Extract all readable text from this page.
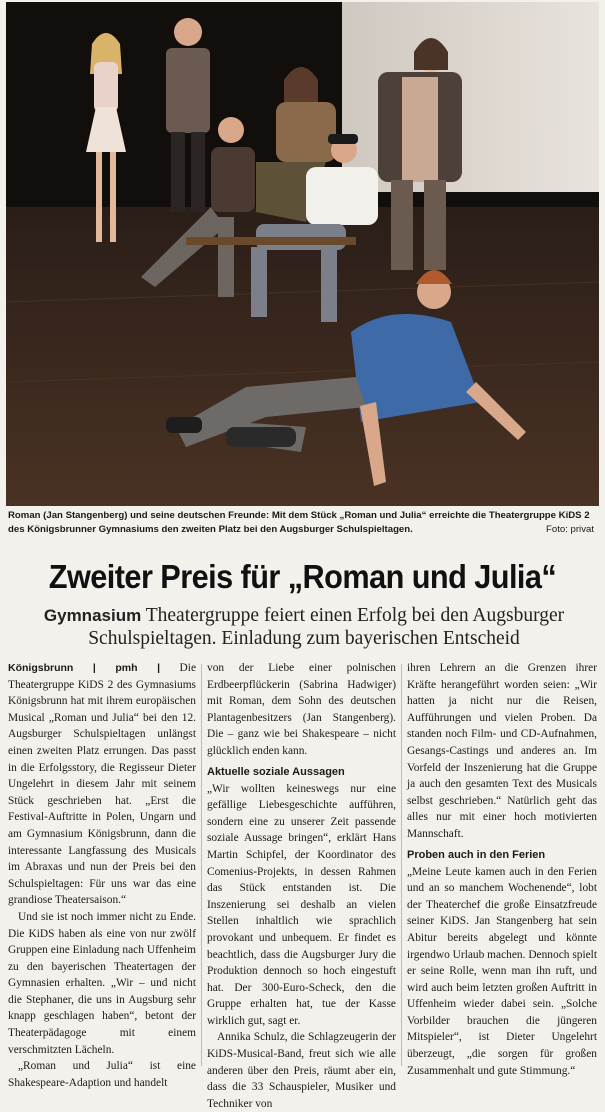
Roman (Jan Stangenberg) und seine deutschen Freunde: Mit dem Stück „Roman und Julia“ erreichte die Theatergruppe KiDS 2 des Königsbrunner Gymnasiums den zweiten Platz bei den Augsburger Schulspieltagen.	Foto: privat
Zweiter Preis für „Roman und Julia“
Gymnasium Theatergruppe feiert einen Erfolg bei den Augsburger Schulspieltagen. Einladung zum bayerischen Entscheid

Königsbrunn | pmh | Die Theatergruppe KiDS 2 des Gymnasiums Königsbrunn hat mit ihrem europäischen Musical „Roman und Julia“ bei den 12. Augsburger Schulspieltagen unlängst einen zweiten Platz errungen. Das passt in die Erfolgsstory, die Regisseur Dieter Ungelehrt in diesem Jahr mit seinem Stück geschrieben hat. „Erst die Festival-Auftritte in Polen, Ungarn und am Gymnasium Königsbrunn, dann die interessante Langfassung des Musicals im Abraxas und nun der Preis bei den Schulspieltagen: Für uns war das eine grandiose Theatersaison.“

Und sie ist noch immer nicht zu Ende. Die KiDS haben als eine von nur zwölf Gruppen eine Einladung nach Uffenheim zu den bayerischen Theatertagen der Gymnasien erhalten. „Wir – und nicht die Stephaner, die uns in Augsburg sehr knapp geschlagen haben“, betont der Theaterpädagoge mit einem verschmitzten Lächeln.

„Roman und Julia“ ist eine Shakespeare-Adaption und handelt

von der Liebe einer polnischen Erdbeerpflückerin (Sabrina Hadwiger) mit Roman, dem Sohn des deutschen Plantagenbesitzers (Jan Stangenberg). Die – ganz wie bei Shakespeare – nicht glücklich enden kann.

Aktuelle soziale Aussagen

„Wir wollten keineswegs nur eine gefällige Liebesgeschichte aufführen, sondern eine zu unserer Zeit passende soziale Aussage bringen“, erklärt Hans Martin Schipfel, der Koordinator des Comenius-Projekts, in dessen Rahmen das Stück entstanden ist. Die Inszenierung sei deshalb an vielen Stellen inhaltlich wie sprachlich provokant und unbequem. Er findet es beachtlich, dass die Augsburger Jury die Produktion dennoch so hoch eingestuft hat. Der 300-Euro-Scheck, den die Gruppe erhalten hat, tue der Kasse wirklich gut, sagt er.

Annika Schulz, die Schlagzeugerin der KiDS-Musical-Band, freut sich wie alle anderen über den Preis, räumt aber ein, dass die 33 Schauspieler, Musiker und Techniker von

ihren Lehrern an die Grenzen ihrer Kräfte herangeführt worden seien: „Wir hatten ja nicht nur die Reisen, Aufführungen und vielen Proben. Da standen noch Film- und CD-Aufnahmen, Gesangs-Castings und anderes an. Im Vorfeld der Inszenierung hat die Gruppe ja auch den gesamten Text des Musicals selbst geschrieben.“ Natürlich geht das alles nur mit einer hoch motivierten Mannschaft.

Proben auch in den Ferien

„Meine Leute kamen auch in den Ferien und an so manchem Wochenende“, lobt der Theaterchef die große Einsatzfreude seiner KiDS. Jan Stangenberg hat sein Abitur bereits abgelegt und könnte irgendwo Urlaub machen. Dennoch spielt er seine Rolle, wenn man ihn ruft, und wird auch beim letzten großen Auftritt in Uffenheim wieder dabei sein. „Solche Vorbilder brauchen die jüngeren Mitspieler“, ist Dieter Ungelehrt überzeugt, „die sorgen für großen Zusammenhalt und gute Stimmung.“
